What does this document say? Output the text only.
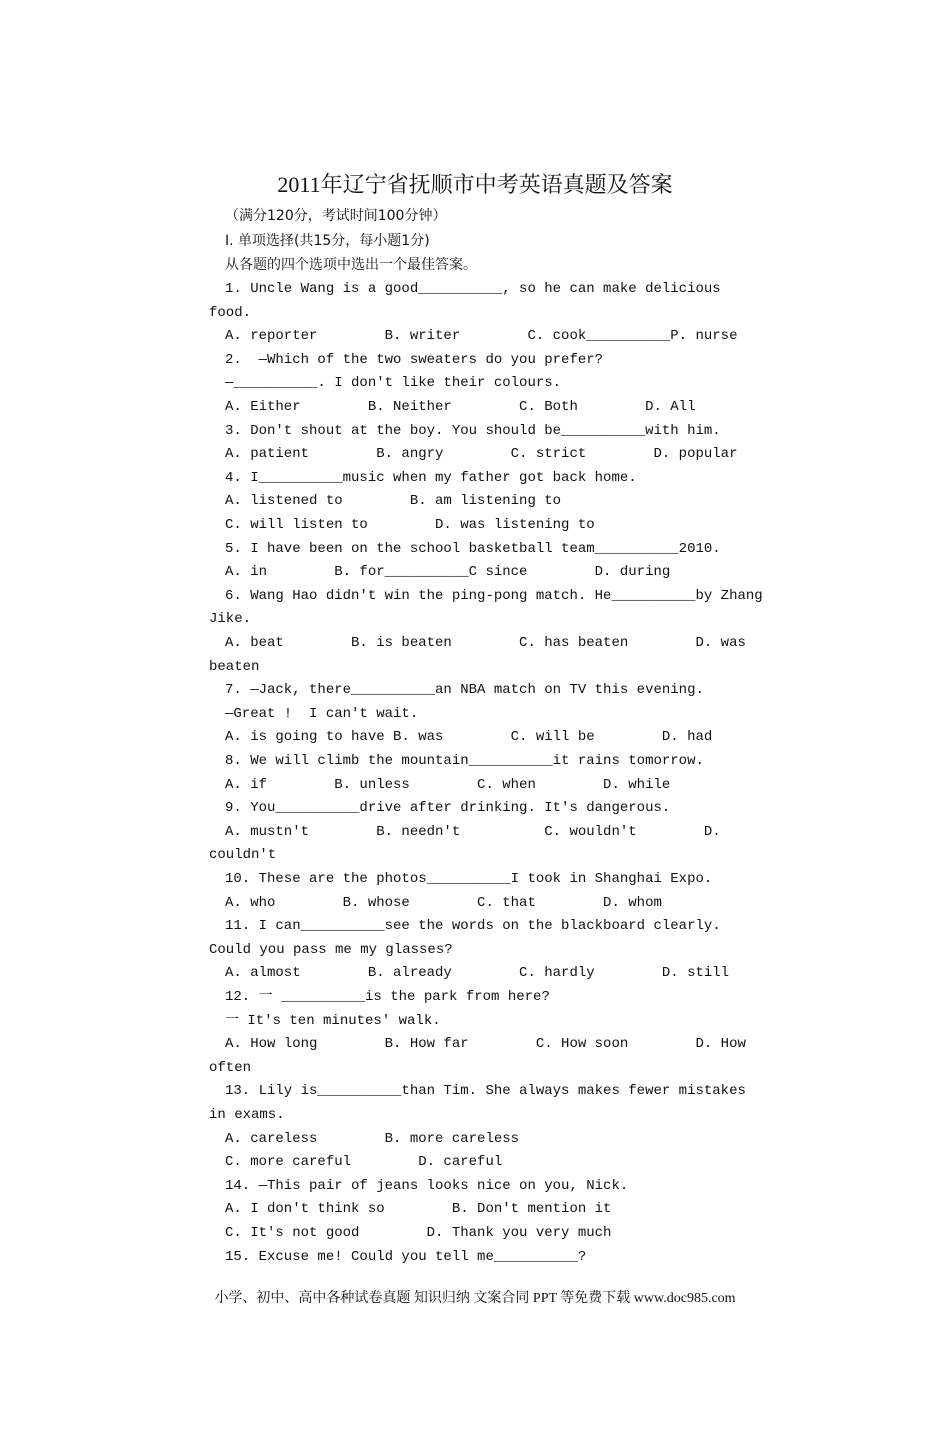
2011年辽宁省抚顺市中考英语真题及答案
（满分120分，考试时间100分钟）
I. 单项选择(共15分，每小题1分)
从各题的四个选项中选出一个最佳答案。
1. Uncle Wang is a good__________, so he can make delicious
food.
A. reporter        B. writer        C. cook__________P. nurse
2.  —Which of the two sweaters do you prefer?
—__________. I don't like their colours.
A. Either        B. Neither        C. Both        D. All
3. Don't shout at the boy. You should be__________with him.
A. patient        B. angry        C. strict        D. popular
4. I__________music when my father got back home.
A. listened to        B. am listening to
C. will listen to        D. was listening to
5. I have been on the school basketball team__________2010.
A. in        B. for__________C since        D. during
6. Wang Hao didn't win the ping-pong match. He__________by Zhang
Jike.
A. beat        B. is beaten        C. has beaten        D. was
beaten
7. —Jack, there__________an NBA match on TV this evening.
—Great !  I can't wait.
A. is going to have B. was        C. will be        D. had
8. We will climb the mountain__________it rains tomorrow.
A. if        B. unless        C. when        D. while
9. You__________drive after drinking. It's dangerous.
A. mustn't        B. needn't          C. wouldn't        D.
couldn't
10. These are the photos__________I took in Shanghai Expo.
A. who        B. whose        C. that        D. whom
11. I can__________see the words on the blackboard clearly.
Could you pass me my glasses?
A. almost        B. already        C. hardly        D. still
12. 一 __________is the park from here?
一 It's ten minutes' walk.
A. How long        B. How far        C. How soon        D. How
often
13. Lily is__________than Tim. She always makes fewer mistakes
in exams.
A. careless        B. more careless
C. more careful        D. careful
14. —This pair of jeans looks nice on you, Nick.
A. I don't think so        B. Don't mention it
C. It's not good        D. Thank you very much
15. Excuse me! Could you tell me__________?
小学、初中、高中各种试卷真题 知识归纳 文案合同 PPT 等免费下载 www.doc985.com
